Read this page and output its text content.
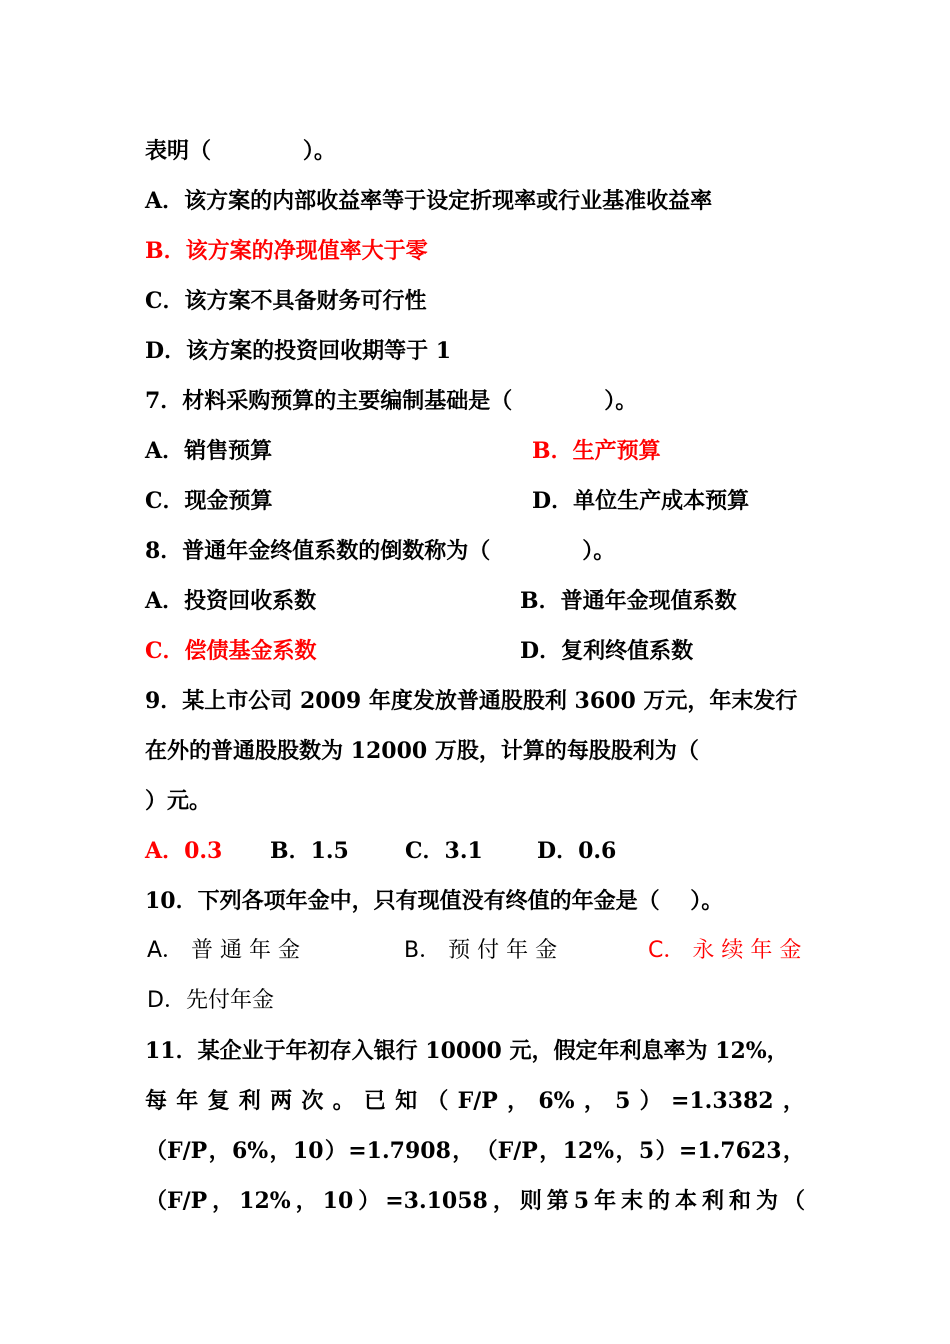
表明（            ）。
A．该方案的内部收益率等于设定折现率或行业基准收益率
B．该方案的净现值率大于零
C．该方案不具备财务可行性
D．该方案的投资回收期等于 1
7．材料采购预算的主要编制基础是（            ）。
A．销售预算	B．生产预算
C．现金预算	D．单位生产成本预算
8．普通年金终值系数的倒数称为（            ）。
A．投资回收系数	B．普通年金现值系数
C．偿债基金系数	D．复利终值系数
9．某上市公司 2009 年度发放普通股股利 3600 万元，年末发行
在外的普通股股数为 12000 万股，计算的每股股利为（
）元。
A．0.3 B．1.5	C．3.1 D．0.6
10．下列各项年金中，只有现值没有终值的年金是（    ）。
A． 普 通 年 金	B． 预 付 年 金	C． 永 续 年 金
D．先付年金
11．某企业于年初存入银行 10000 元，假定年利息率为 12%，
每 年 复 利 两 次 。 已 知 （ F/P ， 6% ， 5 ） =1.3382 ，
（F/P ， 6% ， 10 ） =1.7908 ， （F/P ， 12% ， 5 ） =1.7623 ，
（F/P ， 12% ， 10 ） =3.1058 ， 则 第 5 年 末 的 本 利 和 为 （
